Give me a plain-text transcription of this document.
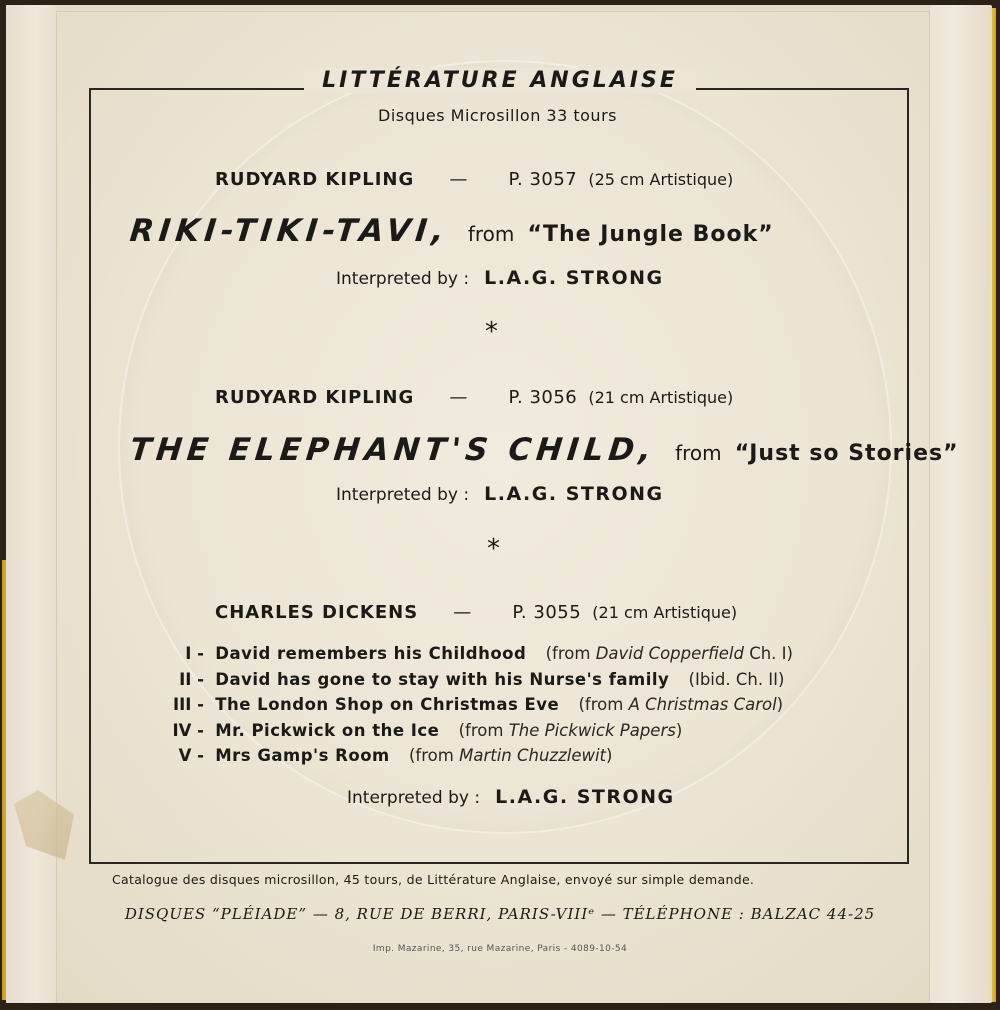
LITTÉRATURE ANGLAISE
Disques Microsillon 33 tours
RUDYARD KIPLING — P. 3057 (25 cm Artistique)
RIKI-TIKI-TAVI, from “The Jungle Book”
Interpreted by : L.A.G. STRONG
*
RUDYARD KIPLING — P. 3056 (21 cm Artistique)
THE ELEPHANT'S CHILD, from “Just so Stories”
Interpreted by : L.A.G. STRONG
*
CHARLES DICKENS — P. 3055 (21 cm Artistique)
I - David remembers his Childhood (from David Copperfield Ch. I)
II - David has gone to stay with his Nurse's family (Ibid. Ch. II)
III - The London Shop on Christmas Eve (from A Christmas Carol)
IV - Mr. Pickwick on the Ice (from The Pickwick Papers)
V - Mrs Gamp's Room (from Martin Chuzzlewit)
Interpreted by : L.A.G. STRONG
Catalogue des disques microsillon, 45 tours, de Littérature Anglaise, envoyé sur simple demande.
DISQUES “PLÉIADE” — 8, RUE DE BERRI, PARIS-VIIIᵉ — TÉLÉPHONE : BALZAC 44-25
Imp. Mazarine, 35, rue Mazarine, Paris - 4089-10-54
